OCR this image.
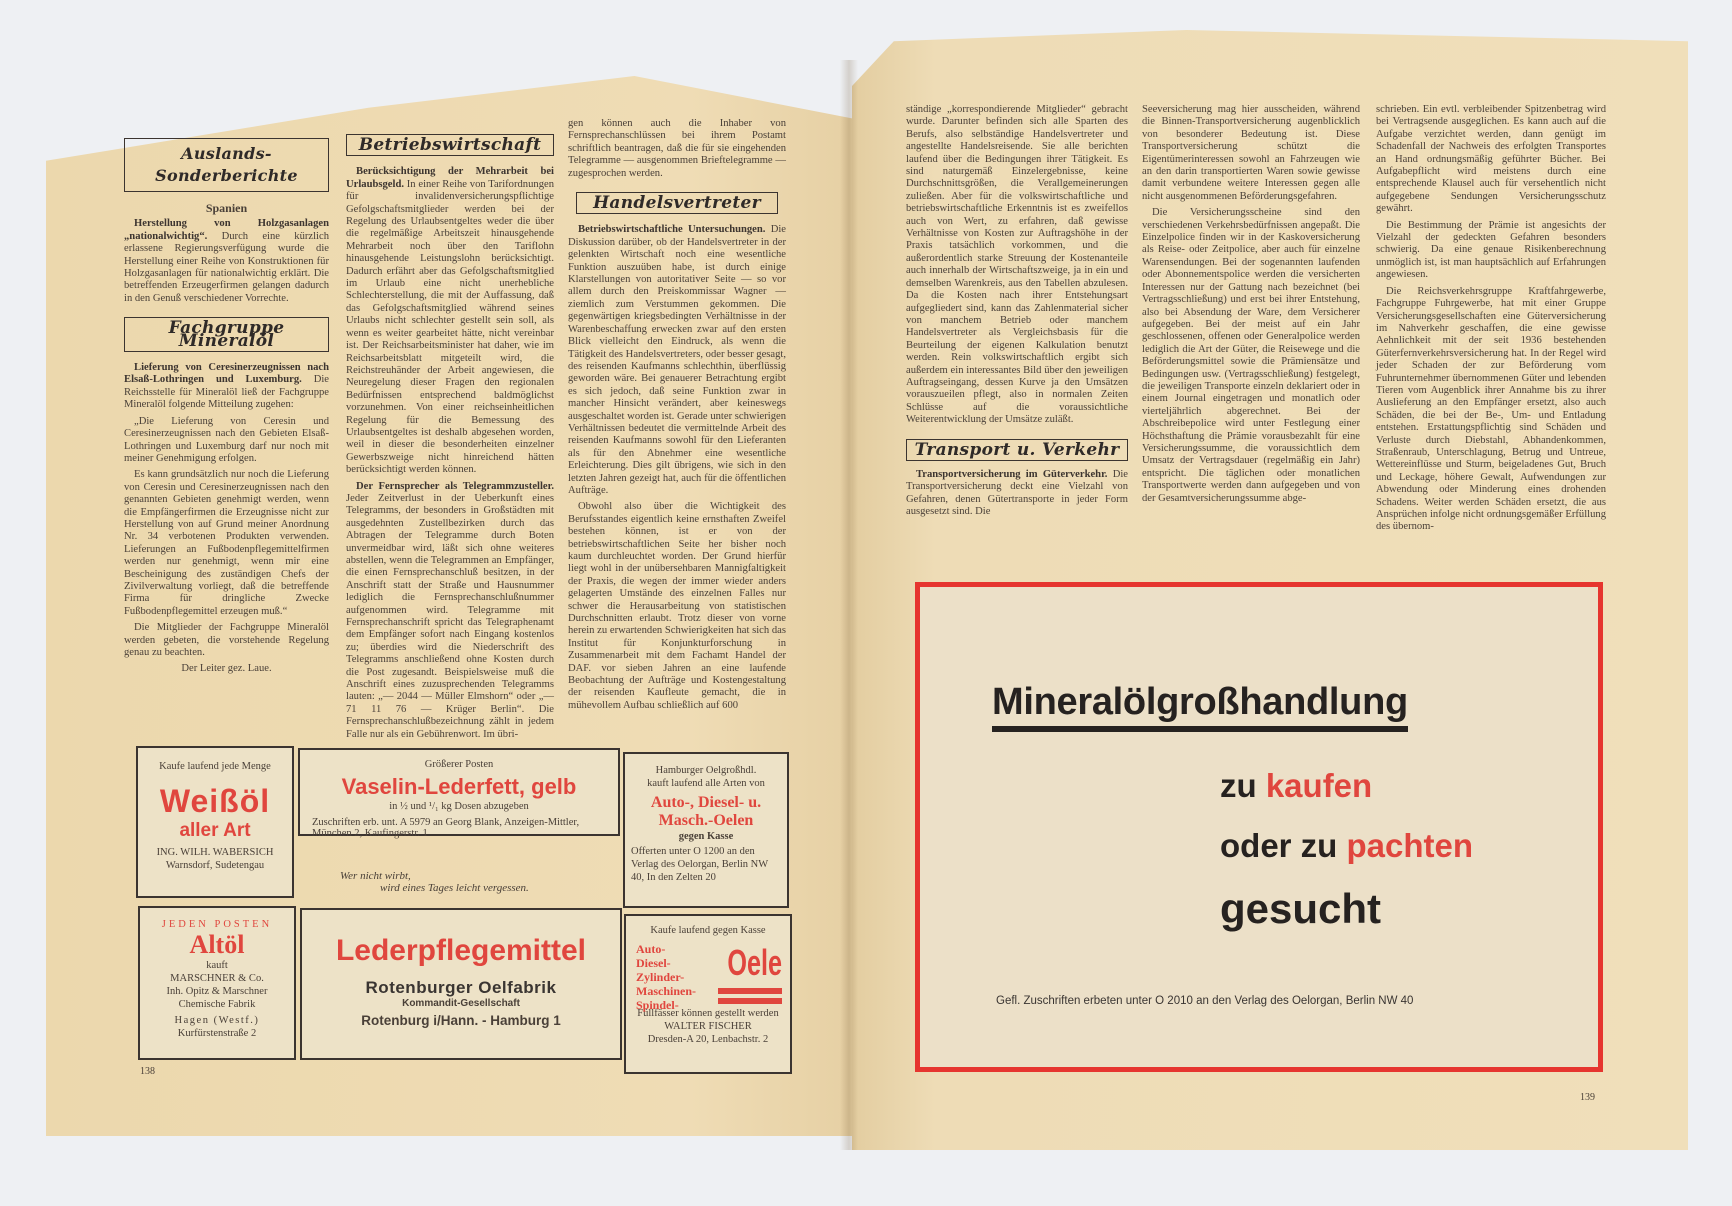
Auslands-Sonderberichte
Spanien

Herstellung von Holzgasanlagen „nationalwichtig“. Durch eine kürzlich erlassene Regierungsverfügung wurde die Herstellung einer Reihe von Konstruktionen für Holzgasanlagen für nationalwichtig erklärt. Die betreffenden Erzeugerfirmen gelangen dadurch in den Genuß verschiedener Vorrechte.

Fachgruppe Mineralöl

Lieferung von Ceresinerzeugnissen nach Elsaß-Lothringen und Luxemburg. Die Reichsstelle für Mineralöl ließ der Fachgruppe Mineralöl folgende Mitteilung zugehen:

„Die Lieferung von Ceresin und Ceresinerzeugnissen nach den Gebieten Elsaß-Lothringen und Luxemburg darf nur noch mit meiner Genehmigung erfolgen.

Es kann grundsätzlich nur noch die Lieferung von Ceresin und Ceresinerzeugnissen nach den genannten Gebieten genehmigt werden, wenn die Empfängerfirmen die Erzeugnisse nicht zur Herstellung von auf Grund meiner Anordnung Nr. 34 verbotenen Produkten verwenden. Lieferungen an Fußbodenpflegemittelfirmen werden nur genehmigt, wenn mir eine Bescheinigung des zuständigen Chefs der Zivilverwaltung vorliegt, daß die betreffende Firma für dringliche Zwecke Fußbodenpflegemittel erzeugen muß.“

Die Mitglieder der Fachgruppe Mineralöl werden gebeten, die vorstehende Regelung genau zu beachten.

Der Leiter gez. Laue.

Betriebswirtschaft

Berücksichtigung der Mehrarbeit bei Urlaubsgeld. In einer Reihe von Tarifordnungen für invalidenversicherungspflichtige Gefolgschaftsmitglieder werden bei der Regelung des Urlaubsentgeltes weder die über die regelmäßige Arbeitszeit hinausgehende Mehrarbeit noch über den Tariflohn hinausgehende Leistungslohn berücksichtigt. Dadurch erfährt aber das Gefolgschaftsmitglied im Urlaub eine nicht unerhebliche Schlechterstellung, die mit der Auffassung, daß das Gefolgschaftsmitglied während seines Urlaubs nicht schlechter gestellt sein soll, als wenn es weiter gearbeitet hätte, nicht vereinbar ist. Der Reichsarbeitsminister hat daher, wie im Reichsarbeitsblatt mitgeteilt wird, die Reichstreuhänder der Arbeit angewiesen, die Neuregelung dieser Fragen den regionalen Bedürfnissen entsprechend baldmöglichst vorzunehmen. Von einer reichseinheitlichen Regelung für die Bemessung des Urlaubsentgeltes ist deshalb abgesehen worden, weil in dieser die besonderheiten einzelner Gewerbszweige nicht hinreichend hätten berücksichtigt werden können.

Der Fernsprecher als Telegrammzusteller. Jeder Zeitverlust in der Ueberkunft eines Telegramms, der besonders in Großstädten mit ausgedehnten Zustellbezirken durch das Abtragen der Telegramme durch Boten unvermeidbar wird, läßt sich ohne weiteres abstellen, wenn die Telegrammen an Empfänger, die einen Fernsprechanschluß besitzen, in der Anschrift statt der Straße und Hausnummer lediglich die Fernsprechanschlußnummer aufgenommen wird. Telegramme mit Fernsprechanschrift spricht das Telegraphenamt dem Empfänger sofort nach Eingang kostenlos zu; überdies wird die Niederschrift des Telegramms anschließend ohne Kosten durch die Post zugesandt. Beispielsweise muß die Anschrift eines zuzusprechenden Telegramms lauten: „— 2044 — Müller Elmshorn“ oder „— 71 11 76 — Krüger Berlin“. Die Fernsprechanschlußbezeichnung zählt in jedem Falle nur als ein Gebührenwort. Im übri-

gen können auch die Inhaber von Fernsprechanschlüssen bei ihrem Postamt schriftlich beantragen, daß die für sie eingehenden Telegramme — ausgenommen Brieftelegramme — zugesprochen werden.

Handelsvertreter

Betriebswirtschaftliche Untersuchungen. Die Diskussion darüber, ob der Handelsvertreter in der gelenkten Wirtschaft noch eine wesentliche Funktion auszuüben habe, ist durch einige Klarstellungen von autoritativer Seite — so vor allem durch den Preiskommissar Wagner — ziemlich zum Verstummen gekommen. Die gegenwärtigen kriegsbedingten Verhältnisse in der Warenbeschaffung erwecken zwar auf den ersten Blick vielleicht den Eindruck, als wenn die Tätigkeit des Handelsvertreters, oder besser gesagt, des reisenden Kaufmanns schlechthin, überflüssig geworden wäre. Bei genauerer Betrachtung ergibt es sich jedoch, daß seine Funktion zwar in mancher Hinsicht verändert, aber keineswegs ausgeschaltet worden ist. Gerade unter schwierigen Verhältnissen bedeutet die vermittelnde Arbeit des reisenden Kaufmanns sowohl für den Lieferanten als für den Abnehmer eine wesentliche Erleichterung. Dies gilt übrigens, wie sich in den letzten Jahren gezeigt hat, auch für die öffentlichen Aufträge.

Obwohl also über die Wichtigkeit des Berufsstandes eigentlich keine ernsthaften Zweifel bestehen können, ist er von der betriebswirtschaftlichen Seite her bisher noch kaum durchleuchtet worden. Der Grund hierfür liegt wohl in der unübersehbaren Mannigfaltigkeit der Praxis, die wegen der immer wieder anders gelagerten Umstände des einzelnen Falles nur schwer die Herausarbeitung von statistischen Durchschnitten erlaubt. Trotz dieser von vorne herein zu erwartenden Schwierigkeiten hat sich das Institut für Konjunkturforschung in Zusammenarbeit mit dem Fachamt Handel der DAF. vor sieben Jahren an eine laufende Beobachtung der Aufträge und Kostengestaltung der reisenden Kaufleute gemacht, die in mühevollem Aufbau schließlich auf 600

Kaufe laufend jede Menge
Weißöl
aller Art
ING. WILH. WABERSICH
Warnsdorf, Sudetengau
Größerer Posten
Vaselin-Lederfett, gelb
in ½ und ¹/₁ kg Dosen abzugeben
Zuschriften erb. unt. A 5979 an Georg Blank, Anzeigen-Mittler, München 2, Kaufingerstr. 1
Wer nicht wirbt,
wird eines Tages leicht vergessen.
Hamburger Oelgroßhdl.
kauft laufend alle Arten von
Auto-, Diesel- u.
Masch.-Oelen
gegen Kasse
Offerten unter O 1200 an den Verlag des Oelorgan, Berlin NW 40, In den Zelten 20
JEDEN POSTEN
Altöl
kauft
MARSCHNER & Co.
Inh. Opitz & Marschner
Chemische Fabrik
Hagen (Westf.)
Kurfürstenstraße 2
Lederpflegemittel
Rotenburger Oelfabrik
Kommandit-Gesellschaft
Rotenburg i/Hann. - Hamburg 1
Kaufe laufend gegen Kasse
Auto-
Diesel-
Zylinder-
Maschinen-
Spindel-
Oele
Füllfässer können gestellt werden
WALTER FISCHER
Dresden-A 20, Lenbachstr. 2
138

ständige „korrespondierende Mitglieder“ gebracht wurde. Darunter befinden sich alle Sparten des Berufs, also selbständige Handelsvertreter und angestellte Handelsreisende. Sie alle berichten laufend über die Bedingungen ihrer Tätigkeit. Es sind naturgemäß Einzelergebnisse, keine Durchschnittsgrößen, die Verallgemeinerungen zuließen. Aber für die volkswirtschaftliche und betriebswirtschaftliche Erkenntnis ist es zweifellos auch von Wert, zu erfahren, daß gewisse Verhältnisse von Kosten zur Auftragshöhe in der Praxis tatsächlich vorkommen, und die außerordentlich starke Streuung der Kostenanteile auch innerhalb der Wirtschaftszweige, ja in ein und demselben Warenkreis, aus den Tabellen abzulesen. Da die Kosten nach ihrer Entstehungsart aufgegliedert sind, kann das Zahlenmaterial sicher von manchem Betrieb oder manchem Handelsvertreter als Vergleichsbasis für die Beurteilung der eigenen Kalkulation benutzt werden. Rein volkswirtschaftlich ergibt sich außerdem ein interessantes Bild über den jeweiligen Auftragseingang, dessen Kurve ja den Umsätzen vorauszueilen pflegt, also in normalen Zeiten Schlüsse auf die voraussichtliche Weiterentwicklung der Umsätze zuläßt.

Transport u. Verkehr

Transportversicherung im Güterverkehr. Die Transportversicherung deckt eine Vielzahl von Gefahren, denen Gütertransporte in jeder Form ausgesetzt sind. Die

Seeversicherung mag hier ausscheiden, während die Binnen-Transportversicherung augenblicklich von besonderer Bedeutung ist. Diese Transportversicherung schützt die Eigentümerinteressen sowohl an Fahrzeugen wie an den darin transportierten Waren sowie gewisse damit verbundene weitere Interessen gegen alle nicht ausgenommenen Beförderungsgefahren.

Die Versicherungsscheine sind den verschiedenen Verkehrsbedürfnissen angepaßt. Die Einzelpolice finden wir in der Kaskoversicherung als Reise- oder Zeitpolice, aber auch für einzelne Warensendungen. Bei der sogenannten laufenden oder Abonnementspolice werden die versicherten Interessen nur der Gattung nach bezeichnet (bei Vertragsschließung) und erst bei ihrer Entstehung, also bei Absendung der Ware, dem Versicherer aufgegeben. Bei der meist auf ein Jahr geschlossenen, offenen oder Generalpolice werden lediglich die Art der Güter, die Reisewege und die Beförderungsmittel sowie die Prämiensätze und Bedingungen usw. (Vertragsschließung) festgelegt, die jeweiligen Transporte einzeln deklariert oder in einem Journal eingetragen und monatlich oder vierteljährlich abgerechnet. Bei der Abschreibepolice wird unter Festlegung einer Höchsthaftung die Prämie vorausbezahlt für eine Versicherungssumme, die voraussichtlich dem Umsatz der Vertragsdauer (regelmäßig ein Jahr) entspricht. Die täglichen oder monatlichen Transportwerte werden dann aufgegeben und von der Gesamtversicherungssumme abge-

schrieben. Ein evtl. verbleibender Spitzenbetrag wird bei Vertragsende ausgeglichen. Es kann auch auf die Aufgabe verzichtet werden, dann genügt im Schadenfall der Nachweis des erfolgten Transportes an Hand ordnungsmäßig geführter Bücher. Bei Aufgabepflicht wird meistens durch eine entsprechende Klausel auch für versehentlich nicht aufgegebene Sendungen Versicherungsschutz gewährt.

Die Bestimmung der Prämie ist angesichts der Vielzahl der gedeckten Gefahren besonders schwierig. Da eine genaue Risikenberechnung unmöglich ist, ist man hauptsächlich auf Erfahrungen angewiesen.

Die Reichsverkehrsgruppe Kraftfahrgewerbe, Fachgruppe Fuhrgewerbe, hat mit einer Gruppe Versicherungsgesellschaften eine Güterversicherung im Nahverkehr geschaffen, die eine gewisse Aehnlichkeit mit der seit 1936 bestehenden Güterfernverkehrsversicherung hat. In der Regel wird jeder Schaden der zur Beförderung vom Fuhrunternehmer übernommenen Güter und lebenden Tieren vom Augenblick ihrer Annahme bis zu ihrer Auslieferung an den Empfänger ersetzt, also auch Schäden, die bei der Be-, Um- und Entladung entstehen. Erstattungspflichtig sind Schäden und Verluste durch Diebstahl, Abhandenkommen, Straßenraub, Unterschlagung, Betrug und Untreue, Wettereinflüsse und Sturm, beigeladenes Gut, Bruch und Leckage, höhere Gewalt, Aufwendungen zur Abwendung oder Minderung eines drohenden Schadens. Weiter werden Schäden ersetzt, die aus Ansprüchen infolge nicht ordnungsgemäßer Erfüllung des übernom-

Mineralölgroßhandlung
zu kaufen
oder zu pachten
gesucht
Gefl. Zuschriften erbeten unter O 2010 an den Verlag des Oelorgan, Berlin NW 40
139
